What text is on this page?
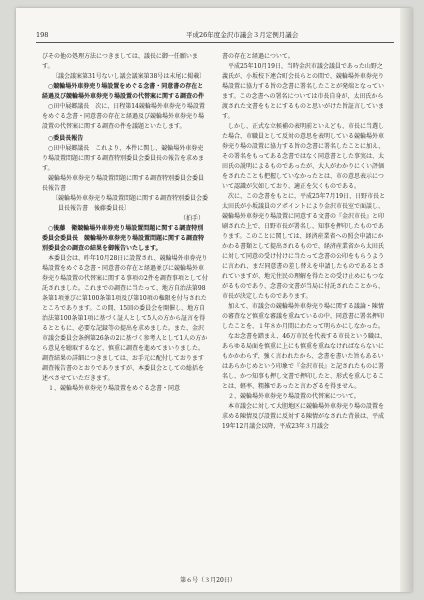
198	平成26年度金沢市議会３月定例月議会

びその他の処理方法につきましては、議長に御一任願います。

〔議会議案第31号ないし議会議案第38号は末尾に掲載〕

○競輪場外車券売り場設置をめぐる念書・同意書の存在と経過及び競輪場外車券売り場設置の代替案に関する調査の件

○田中展郷議長　次に、日程第14競輪場外車券売り場設置をめぐる念書・同意書の存在と経過及び競輪場外車券売り場設置の代替案に関する調査の件を議題といたします。

○委員長報告

○田中展郷議長　これより、本件に関し、競輪場外車券売り場設置問題に関する調査特別委員会委員長の報告を求めます。

競輪場外車券売り場設置問題に関する調査特別委員会委員長報告書

〔競輪場外車券売り場設置問題に関する調査特別委員会委員長報告書　後藤委員長〕

（拍手）

○後藤　衛競輪場外車券売り場設置問題に関する調査特別委員会委員長　競輪場外車券売り場設置問題に関する調査特別委員会の調査の結果を御報告いたします。

本委員会は、昨年10月28日に設置され、競輪場外車券売り場設置をめぐる念書・同意書の存在と経過並びに競輪場外車券売り場設置の代替案に関する事項の2件を調査事項として付託されました。これまでの調査に当たって、地方自治法第98条第1項並びに第100条第1項及び第10項の権限を付与されたところであります。この間、15回の委員会を開催し、地方自治法第100条第1項に基づく証人として5人の方から証言を得るとともに、必要な記録等の提出を求めました。また、金沢市議会委員会条例第26条の2に基づく参考人として1人の方から意見を聴取するなど、慎重に調査を進めてまいりました。調査結果の詳細につきましては、お手元に配付しております調査報告書のとおりでありますが、本委員会としての総括を述べさせていただきます。

１、競輪場外車券売り場設置をめぐる念書・同意

書の存在と経過について。

平成25年10月19日、当時金沢市議会議員であった山野之義氏が、小坂校下連合町会長らとの間で、競輪場外車券売り場設置に協力する旨の念書に署名したことが発端となっています。この念書への署名については市長自身が、太田氏から渡された文書をもとにするものと思いがけた旨証言しています。

しかし、正式な立候補の表明前といえども、市長に当選した場合、市職員として反対の意思を表明している競輪場外車券売り場の設置に協力する旨の念書に署名したことに加え、その署名をもってある念書ではなく同意書とした事実は、太田氏の説明によるものであったが、大人がわかりにくい評価をされたことも把握していなかったとは、市の意思表示について認識が欠如しており、適正を欠くものである。

次に、この念書をもとに、平成25年7月19日、日野市長と太田氏が小坂議員のアポイントにより金沢市長室で面談し、競輪場外車券売り場設置に同意する文書の『金沢市長』と印刷された上で、日野市長が署名し、知事を押印したものであります。このことに関しては、経済産業省への照会申請にかかわる書類として提出されるもので、経済産業省から太田氏に対して同意の受け付けに当たって念書の公印をもらうように言われ、まだ同意書の差し替えを申請したものであるとされていますが、地元住民の理解を得たとの受け止めにもつながるものであり、念書の文書が当局に付託されたことから、市長が決定したものであります。

加えて、市議会の競輪場外車券売り場に関する議論・陳情の審査など慎重な審議を重ねているの中、同意書に署名押印したことを、１年８か月間にわたって明らかにしなかった。

なお念書を踏まえ、46万市民を代表する市長という職は、あらゆる局面を慎重に上にも慎重を重ねなければならないにもかかわらず、強く言われたから、念書を書いた旨もあるいはあらかじめという印象で『金沢市長』と記されたものに署名し、かつ知事も押し文書で押印したと、形式を重んじることは、軽率、粗雑であったと言わざるを得ません。

２、競輪場外車券売り場設置の代替案について。

本市議会に対して大胆地区に競輪場外車券売り場の設置を求める陳情及び設置に反対する陳情がなされた背景は、平成19年12月議会以降、平成23年３月議会

第６号（３月20日）
